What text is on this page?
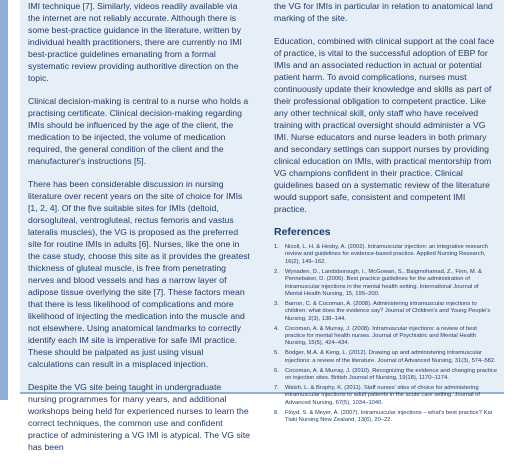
IMI technique [7]. Similarly, videos readily available via the internet are not reliably accurate. Although there is some best-practice guidance in the literature, written by individual health practitioners, there are currently no IMI best-practice guidelines emanating from a formal systematic review providing authoritive direction on the topic.

Clinical decision-making is central to a nurse who holds a practising certificate. Clinical decision-making regarding IMIs should be influenced by the age of the client, the medication to be injected, the volume of medication required, the general condition of the client and the manufacturer's instructions [5].

There has been considerable discussion in nursing literature over recent years on the site of choice for IMIs [1, 2, 4]. Of the five suitable sites for IMIs (deltoid, dorsogluteal, ventrogluteal, rectus femoris and vastus lateralis muscles), the VG is proposed as the preferred site for routine IMIs in adults [6]. Nurses, like the one in the case study, choose this site as it provides the greatest thickness of gluteal muscle, is free from penetrating nerves and blood vessels and has a narrow layer of adipose tissue overlying the site [7]. These factors mean that there is less likelihood of complications and more likelihood of injecting the medication into the muscle and not elsewhere. Using anatomical landmarks to correctly identify each IM site is imperative for safe IMI practice. These should be palpated as just using visual calculations can result in a misplaced injection.

Despite the VG site being taught in undergraduate nursing programmes for many years, and additional workshops being held for experienced nurses to learn the correct techniques, the common use and confident practice of administering a VG IMI is atypical. The VG site has been

the VG for IMIs in particular in relation to anatomical land marking of the site.

Education, combined with clinical support at the coal face of practice, is vital to the successful adoption of EBP for IMIs and an associated reduction in actual or potential patient harm. To avoid complications, nurses must continuously update their knowledge and skills as part of their professional obligation to competent practice. Like any other technical skill, only staff who have received training with practical oversight should administer a VG IMI. Nurse educators and nurse leaders in both primary and secondary settings can support nurses by providing clinical education on IMIs, with practical mentorship from VG champions confident in their practice. Clinical guidelines based on a systematic review of the literature would support safe, consistent and competent IMI practice.

References
1. Nicoll, L. H. & Hesby, A. (2002). Intramuscular injection: an integrative research review and guidelines for evidence-based practice. Applied Nursing Research, 16(2), 149–162.
2. Wynaden, D., Landsborough, I., McGowan, S., Baigmohamad, Z., Finn, M. & Pennebaker, D. (2006). Best practice guidelines for the administration of intramuscular injections in the mental health setting. International Journal of Mental Health Nursing, 15, 195–200.
3. Barron, C. & Cocoman, A. (2008). Administering intramuscular injections to children: what does the evidence say? Journal of Children's and Young People's Nursing, 2(3), 138–144.
4. Cocoman, A. & Murray, J. (2008). Intramuscular injections: a review of best practice for mental health nurses. Journal of Psychiatric and Mental Health Nursing, 15(5), 424–434.
5. Bodger, M.A. & Keng, L. (2012). Drawing up and administering intramuscular injections: a review of the literature. Journal of Advanced Nursing, 31(3), 574–582.
6. Cocoman, A. & Murray, J. (2010). Recognizing the evidence and changing practice on injection sites. British Journal of Nursing, 19(18), 1170–1174.
7. Walsh, L. & Brophy, K. (2011). Staff nurses' sites of choice for administering intramuscular injections to adult patients in the acute care setting. Journal of Advanced Nursing, 67(5), 1034–1040.
8. Floyd, S. & Meyer, A. (2007). Intramuscular injections – what's best practice? Kai Tiaki Nursing New Zealand, 13(6), 20–22.
